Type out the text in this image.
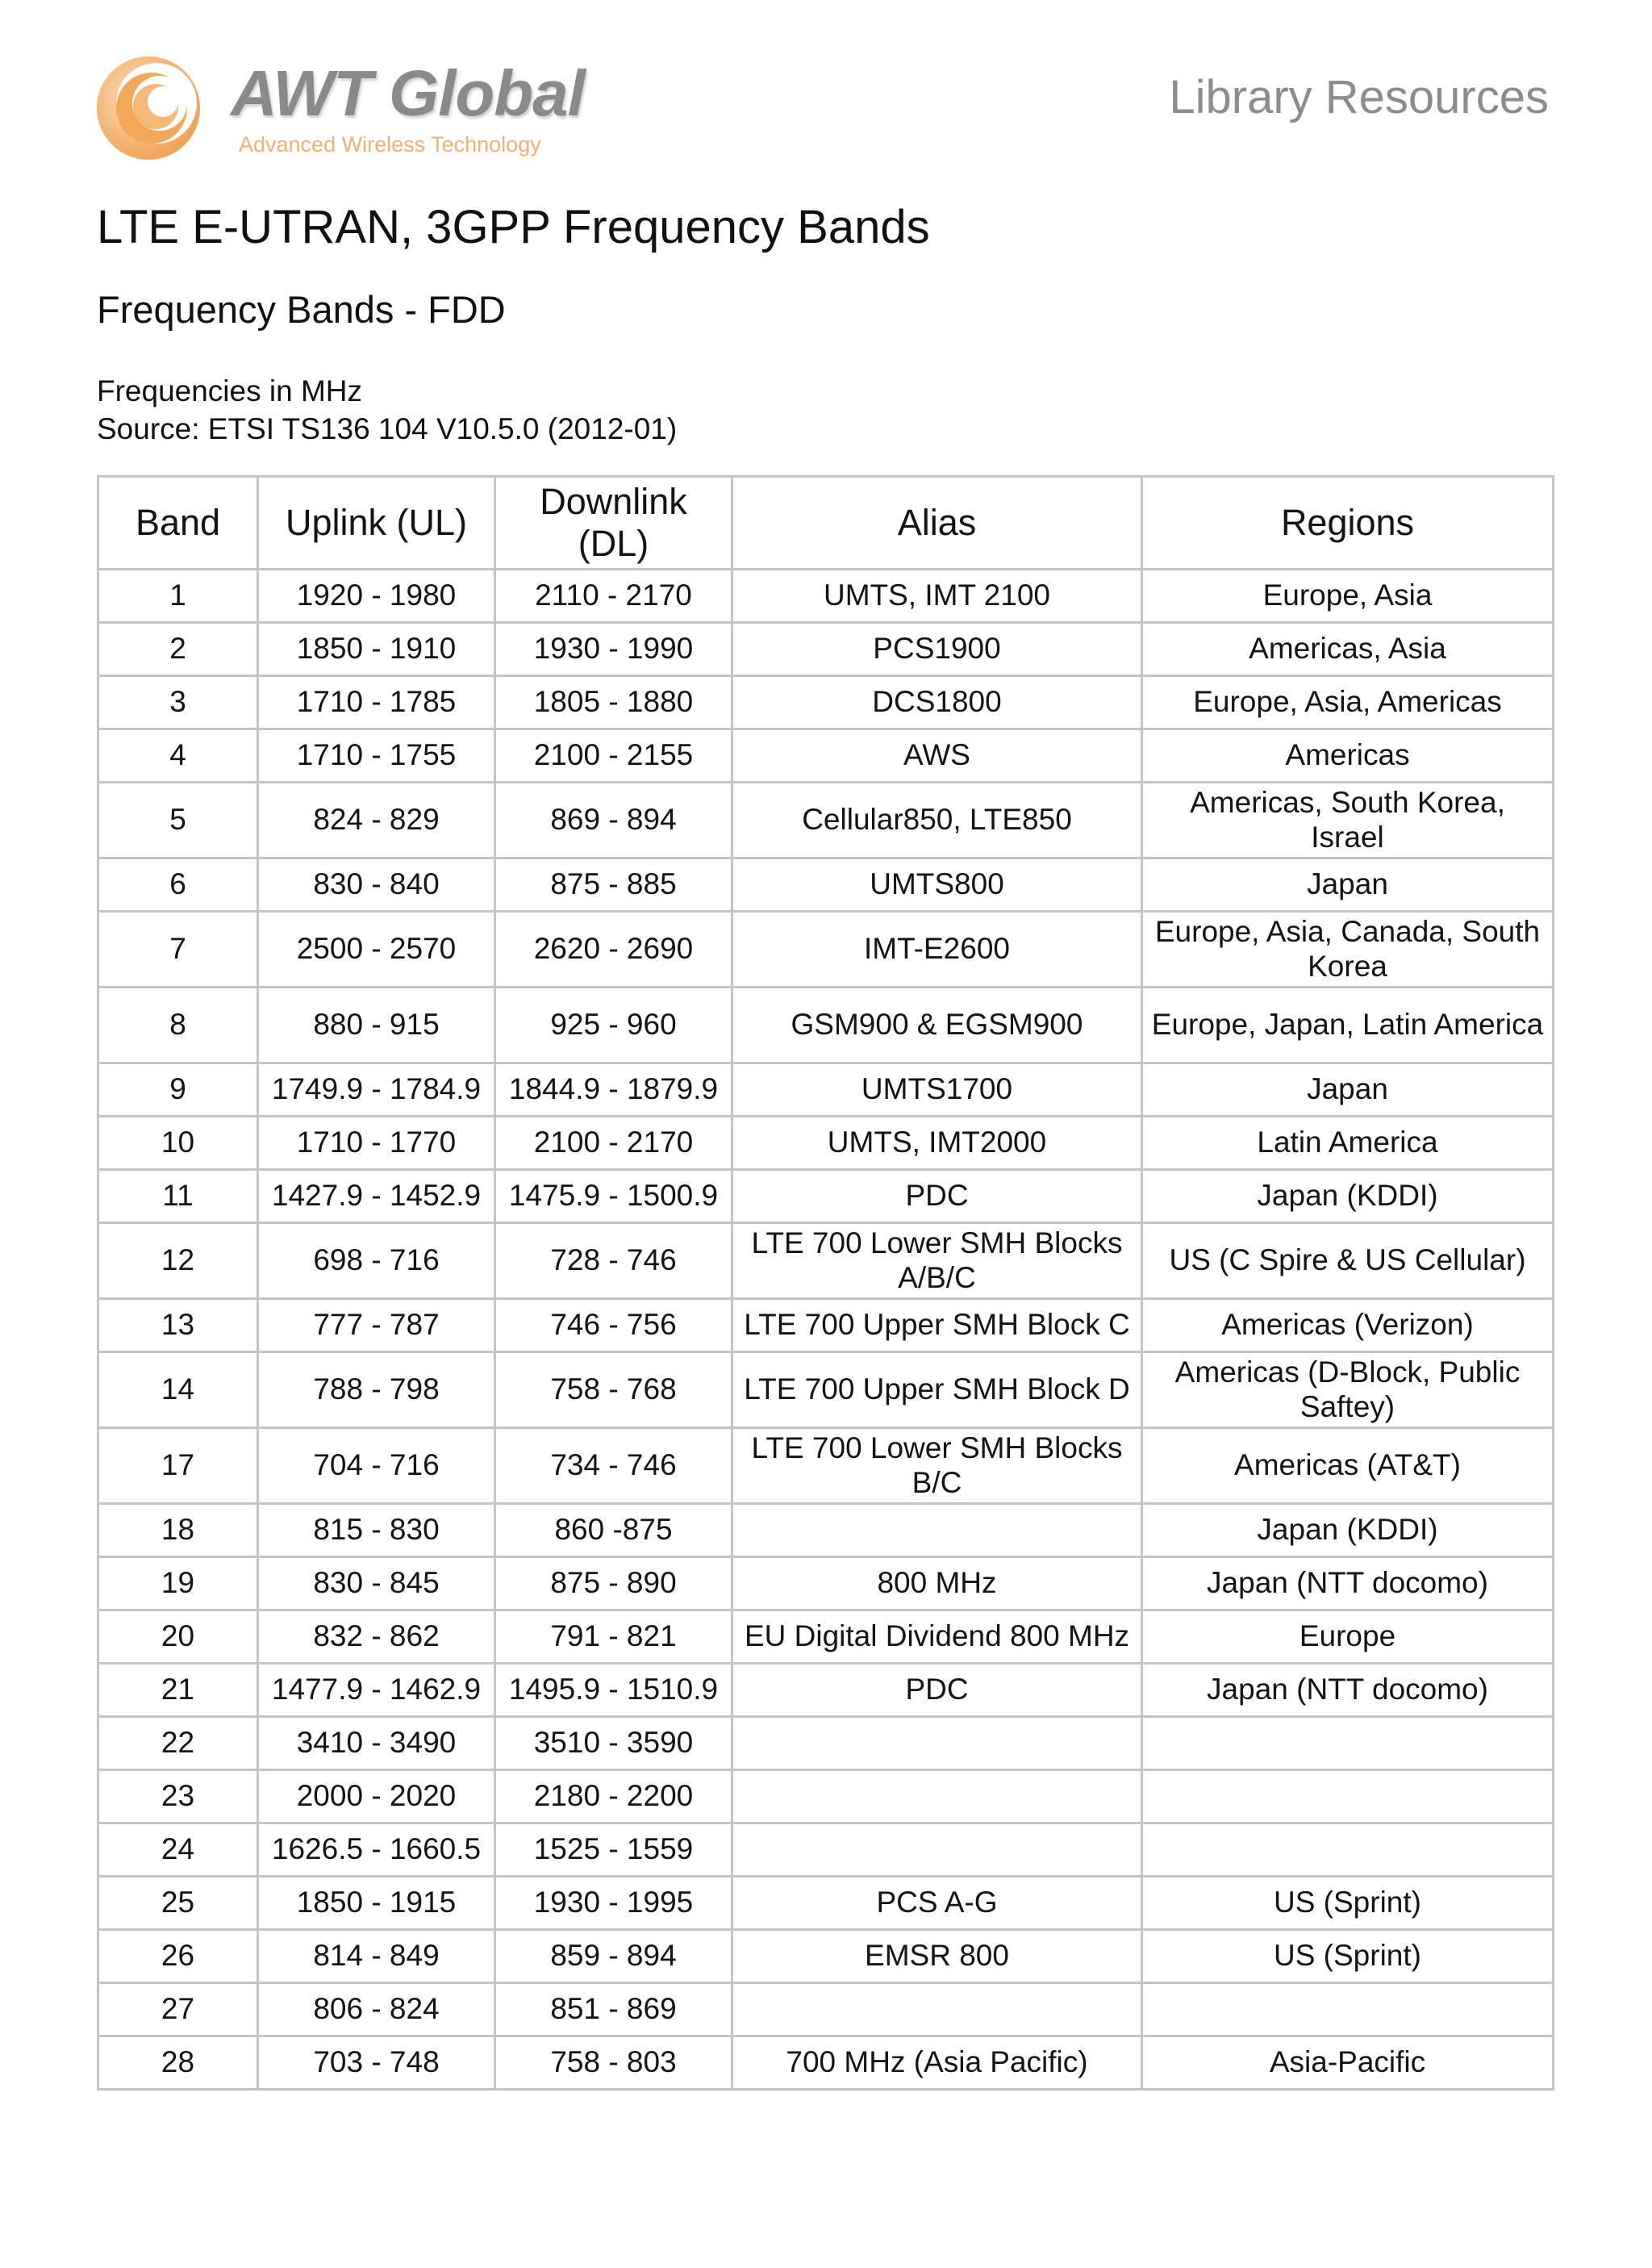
AWT Global
Advanced Wireless Technology
Library Resources
LTE E-UTRAN, 3GPP Frequency Bands
Frequency Bands - FDD
Frequencies in MHz
Source: ETSI TS136 104 V10.5.0 (2012-01)
Band	Uplink (UL)	Downlink (DL)	Alias	Regions
1	1920 - 1980	2110 - 2170	UMTS, IMT 2100	Europe, Asia
2	1850 - 1910	1930 - 1990	PCS1900	Americas, Asia
3	1710 - 1785	1805 - 1880	DCS1800	Europe, Asia, Americas
4	1710 - 1755	2100 - 2155	AWS	Americas
5	824 - 829	869 - 894	Cellular850, LTE850	Americas, South Korea, Israel
6	830 - 840	875 - 885	UMTS800	Japan
7	2500 - 2570	2620 - 2690	IMT-E2600	Europe, Asia, Canada, South Korea
8	880 - 915	925 - 960	GSM900 & EGSM900	Europe, Japan, Latin America
9	1749.9 - 1784.9	1844.9 - 1879.9	UMTS1700	Japan
10	1710 - 1770	2100 - 2170	UMTS, IMT2000	Latin America
11	1427.9 - 1452.9	1475.9 - 1500.9	PDC	Japan (KDDI)
12	698 - 716	728 - 746	LTE 700 Lower SMH Blocks A/B/C	US (C Spire & US Cellular)
13	777 - 787	746 - 756	LTE 700 Upper SMH Block C	Americas (Verizon)
14	788 - 798	758 - 768	LTE 700 Upper SMH Block D	Americas (D-Block, Public Saftey)
17	704 - 716	734 - 746	LTE 700 Lower SMH Blocks B/C	Americas (AT&T)
18	815 - 830	860 -875		Japan (KDDI)
19	830 - 845	875 - 890	800 MHz	Japan (NTT docomo)
20	832 - 862	791 - 821	EU Digital Dividend 800 MHz	Europe
21	1477.9 - 1462.9	1495.9 - 1510.9	PDC	Japan (NTT docomo)
22	3410 - 3490	3510 - 3590		
23	2000 - 2020	2180 - 2200		
24	1626.5 - 1660.5	1525 - 1559		
25	1850 - 1915	1930 - 1995	PCS A-G	US (Sprint)
26	814 - 849	859 - 894	EMSR 800	US (Sprint)
27	806 - 824	851 - 869		
28	703 - 748	758 - 803	700 MHz (Asia Pacific)	Asia-Pacific
